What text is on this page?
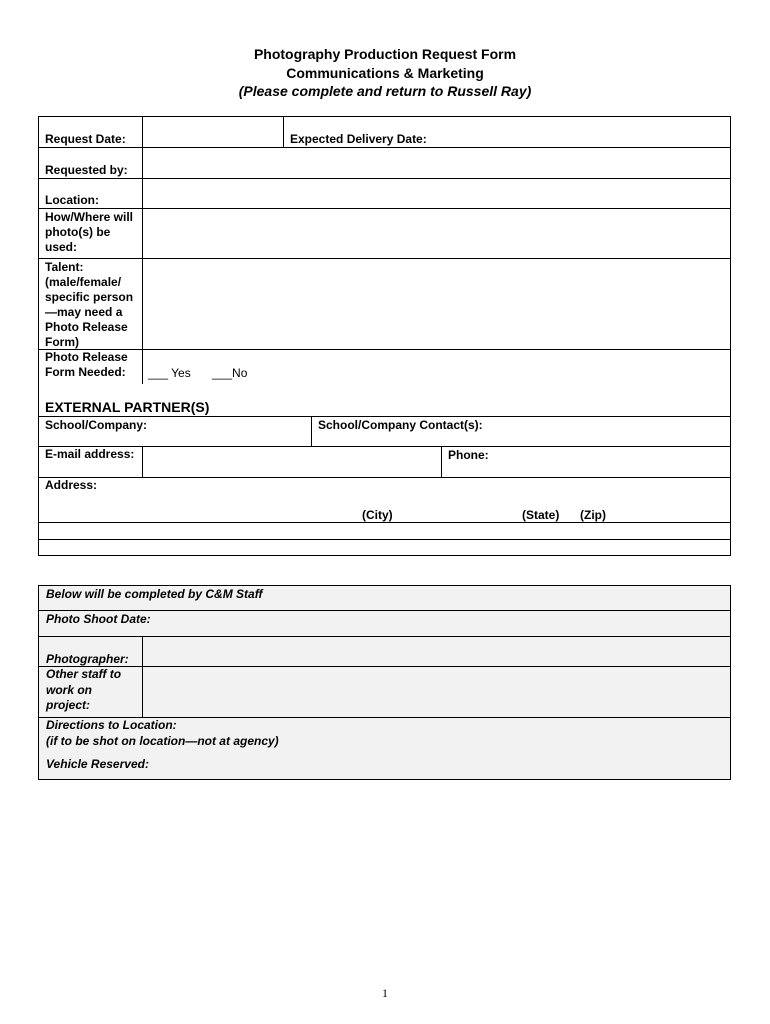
Photography Production Request Form
Communications & Marketing
(Please complete and return to Russell Ray)
Request Date:	Expected Delivery Date:
Requested by:
Location:
How/Where will photo(s) be used:
Talent: (male/female/ specific person—may need a Photo Release Form)
Photo Release Form Needed:	___ Yes ___No
EXTERNAL PARTNER(S)
School/Company:	School/Company Contact(s):
E-mail address:	Phone:
Address:
(City)	(State) (Zip)
Below will be completed by C&M Staff
Photo Shoot Date:
Photographer:
Other staff to work on project:
Directions to Location:
(if to be shot on location—not at agency)
Vehicle Reserved:
1
